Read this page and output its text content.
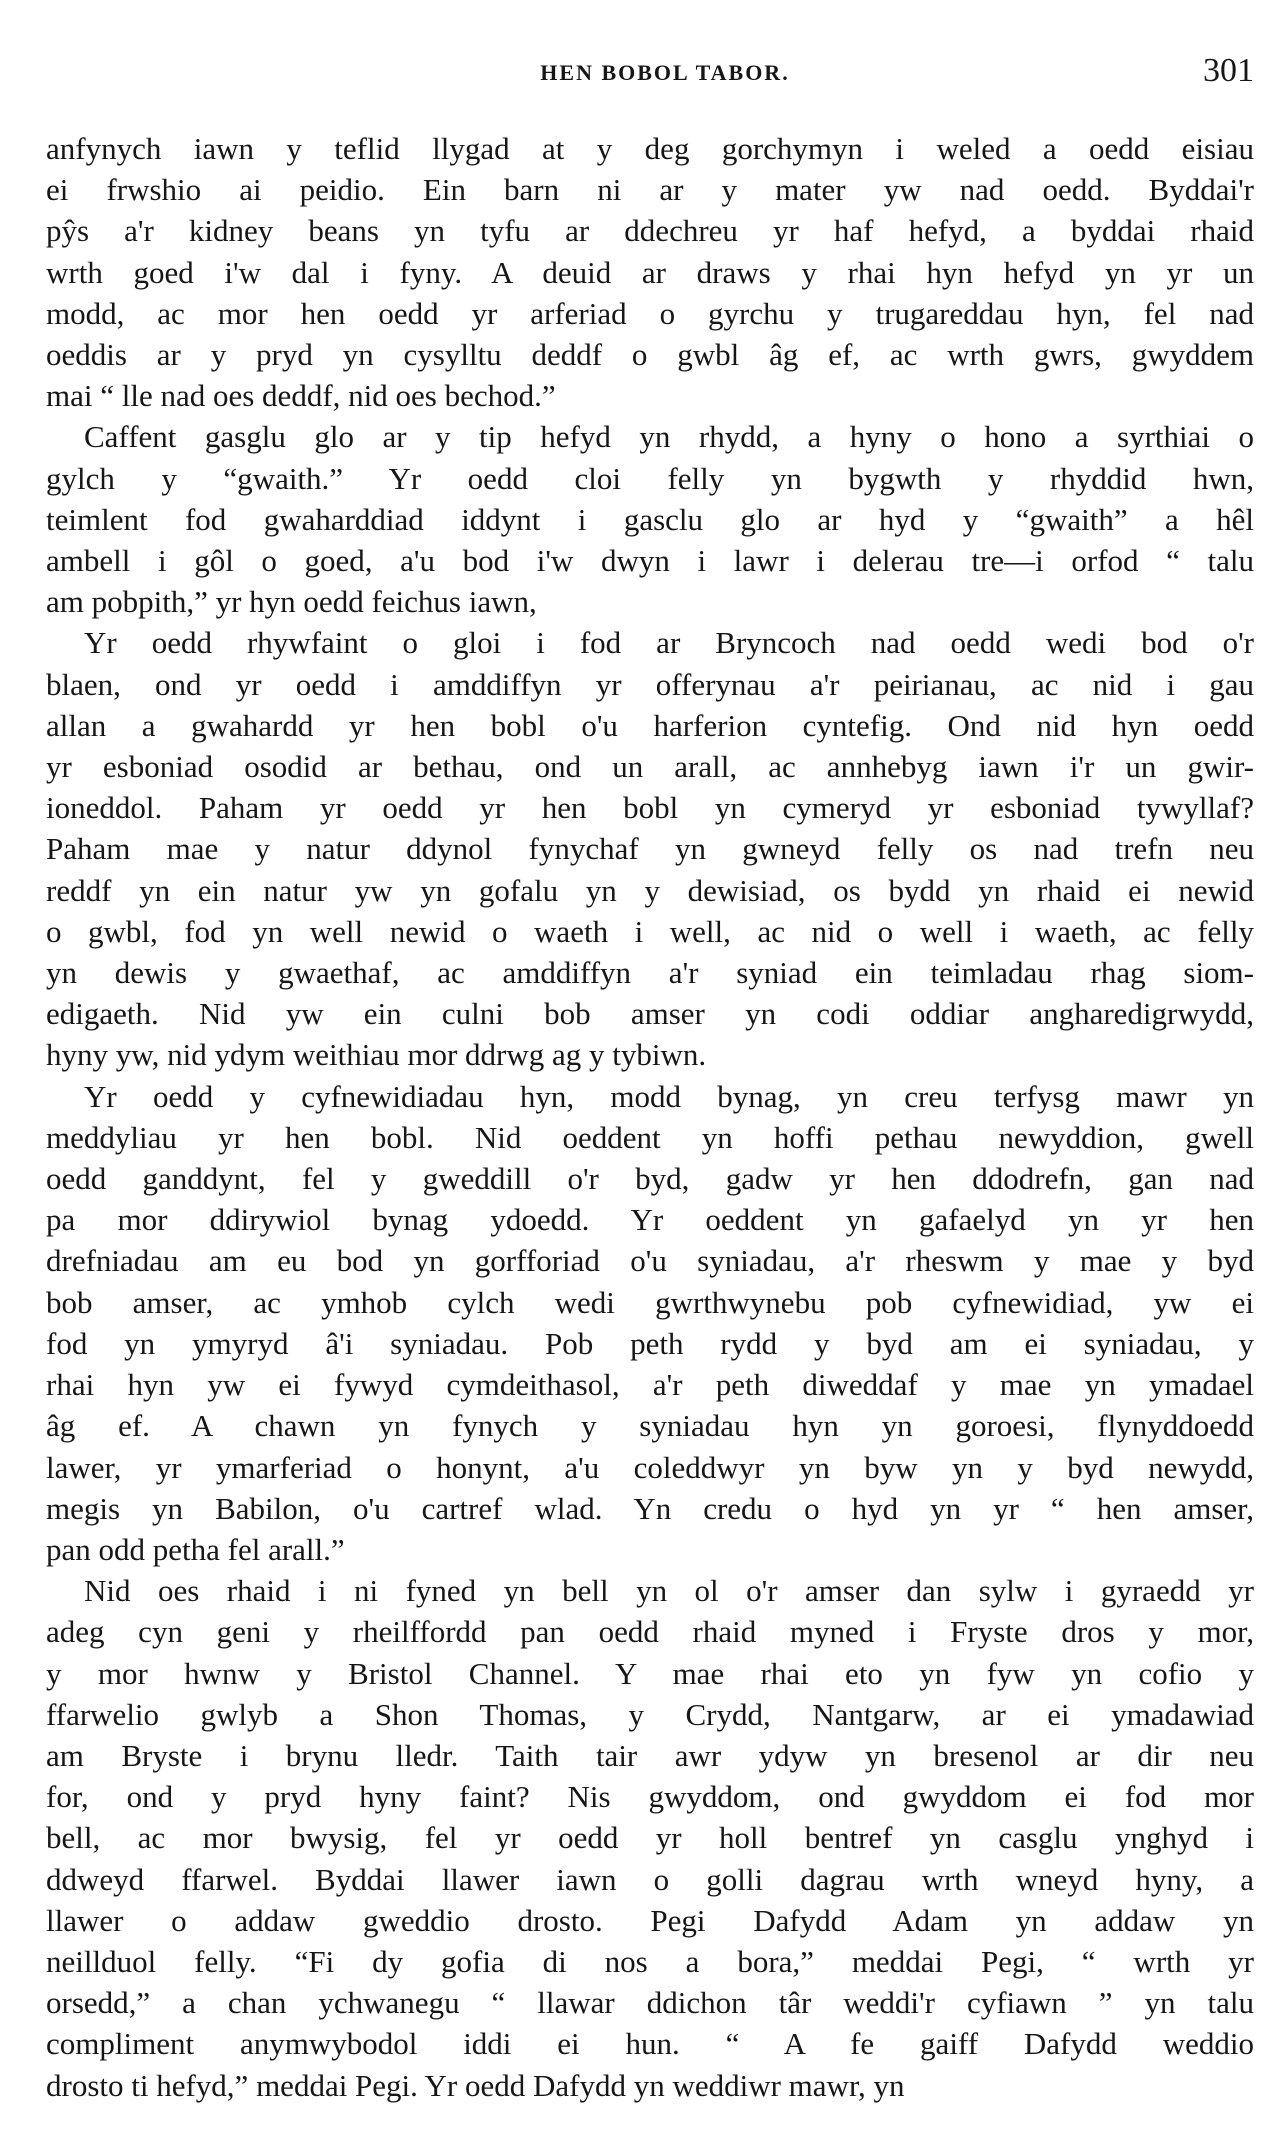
HEN BOBOL TABOR.	301
anfynych iawn y teflid llygad at y deg gorchymyn i weled a oedd eisiau
ei frwshio ai peidio. Ein barn ni ar y mater yw nad oedd. Byddai'r
pŷs a'r kidney beans yn tyfu ar ddechreu yr haf hefyd, a byddai rhaid
wrth goed i'w dal i fyny. A deuid ar draws y rhai hyn hefyd yn yr un
modd, ac mor hen oedd yr arferiad o gyrchu y trugareddau hyn, fel nad
oeddis ar y pryd yn cysylltu deddf o gwbl âg ef, ac wrth gwrs, gwyddem
mai “ lle nad oes deddf, nid oes bechod.”
Caffent gasglu glo ar y tip hefyd yn rhydd, a hyny o hono a syrthiai o
gylch y “gwaith.” Yr oedd cloi felly yn bygwth y rhyddid hwn,
teimlent fod gwaharddiad iddynt i gasclu glo ar hyd y “gwaith” a hêl
ambell i gôl o goed, a'u bod i'w dwyn i lawr i delerau tre—i orfod “ talu
am pobpith,” yr hyn oedd feichus iawn,
Yr oedd rhywfaint o gloi i fod ar Bryncoch nad oedd wedi bod o'r
blaen, ond yr oedd i amddiffyn yr offerynau a'r peirianau, ac nid i gau
allan a gwahardd yr hen bobl o'u harferion cyntefig. Ond nid hyn oedd
yr esboniad osodid ar bethau, ond un arall, ac annhebyg iawn i'r un gwir-
ioneddol. Paham yr oedd yr hen bobl yn cymeryd yr esboniad tywyllaf?
Paham mae y natur ddynol fynychaf yn gwneyd felly os nad trefn neu
reddf yn ein natur yw yn gofalu yn y dewisiad, os bydd yn rhaid ei newid
o gwbl, fod yn well newid o waeth i well, ac nid o well i waeth, ac felly
yn dewis y gwaethaf, ac amddiffyn a'r syniad ein teimladau rhag siom-
edigaeth. Nid yw ein culni bob amser yn codi oddiar angharedigrwydd,
hyny yw, nid ydym weithiau mor ddrwg ag y tybiwn.
Yr oedd y cyfnewidiadau hyn, modd bynag, yn creu terfysg mawr yn
meddyliau yr hen bobl. Nid oeddent yn hoffi pethau newyddion, gwell
oedd ganddynt, fel y gweddill o'r byd, gadw yr hen ddodrefn, gan nad
pa mor ddirywiol bynag ydoedd. Yr oeddent yn gafaelyd yn yr hen
drefniadau am eu bod yn gorfforiad o'u syniadau, a'r rheswm y mae y byd
bob amser, ac ymhob cylch wedi gwrthwynebu pob cyfnewidiad, yw ei
fod yn ymyryd â'i syniadau. Pob peth rydd y byd am ei syniadau, y
rhai hyn yw ei fywyd cymdeithasol, a'r peth diweddaf y mae yn ymadael
âg ef. A chawn yn fynych y syniadau hyn yn goroesi, flynyddoedd
lawer, yr ymarferiad o honynt, a'u coleddwyr yn byw yn y byd newydd,
megis yn Babilon, o'u cartref wlad. Yn credu o hyd yn yr “ hen amser,
pan odd petha fel arall.”
Nid oes rhaid i ni fyned yn bell yn ol o'r amser dan sylw i gyraedd yr
adeg cyn geni y rheilffordd pan oedd rhaid myned i Fryste dros y mor,
y mor hwnw y Bristol Channel. Y mae rhai eto yn fyw yn cofio y
ffarwelio gwlyb a Shon Thomas, y Crydd, Nantgarw, ar ei ymadawiad
am Bryste i brynu lledr. Taith tair awr ydyw yn bresenol ar dir neu
for, ond y pryd hyny faint? Nis gwyddom, ond gwyddom ei fod mor
bell, ac mor bwysig, fel yr oedd yr holl bentref yn casglu ynghyd i
ddweyd ffarwel. Byddai llawer iawn o golli dagrau wrth wneyd hyny, a
llawer o addaw gweddio drosto. Pegi Dafydd Adam yn addaw yn
neillduol felly. “Fi dy gofia di nos a bora,” meddai Pegi, “ wrth yr
orsedd,” a chan ychwanegu “ llawar ddichon târ weddi'r cyfiawn ” yn talu
compliment anymwybodol iddi ei hun. “ A fe gaiff Dafydd weddio
drosto ti hefyd,” meddai Pegi. Yr oedd Dafydd yn weddiwr mawr, yn
